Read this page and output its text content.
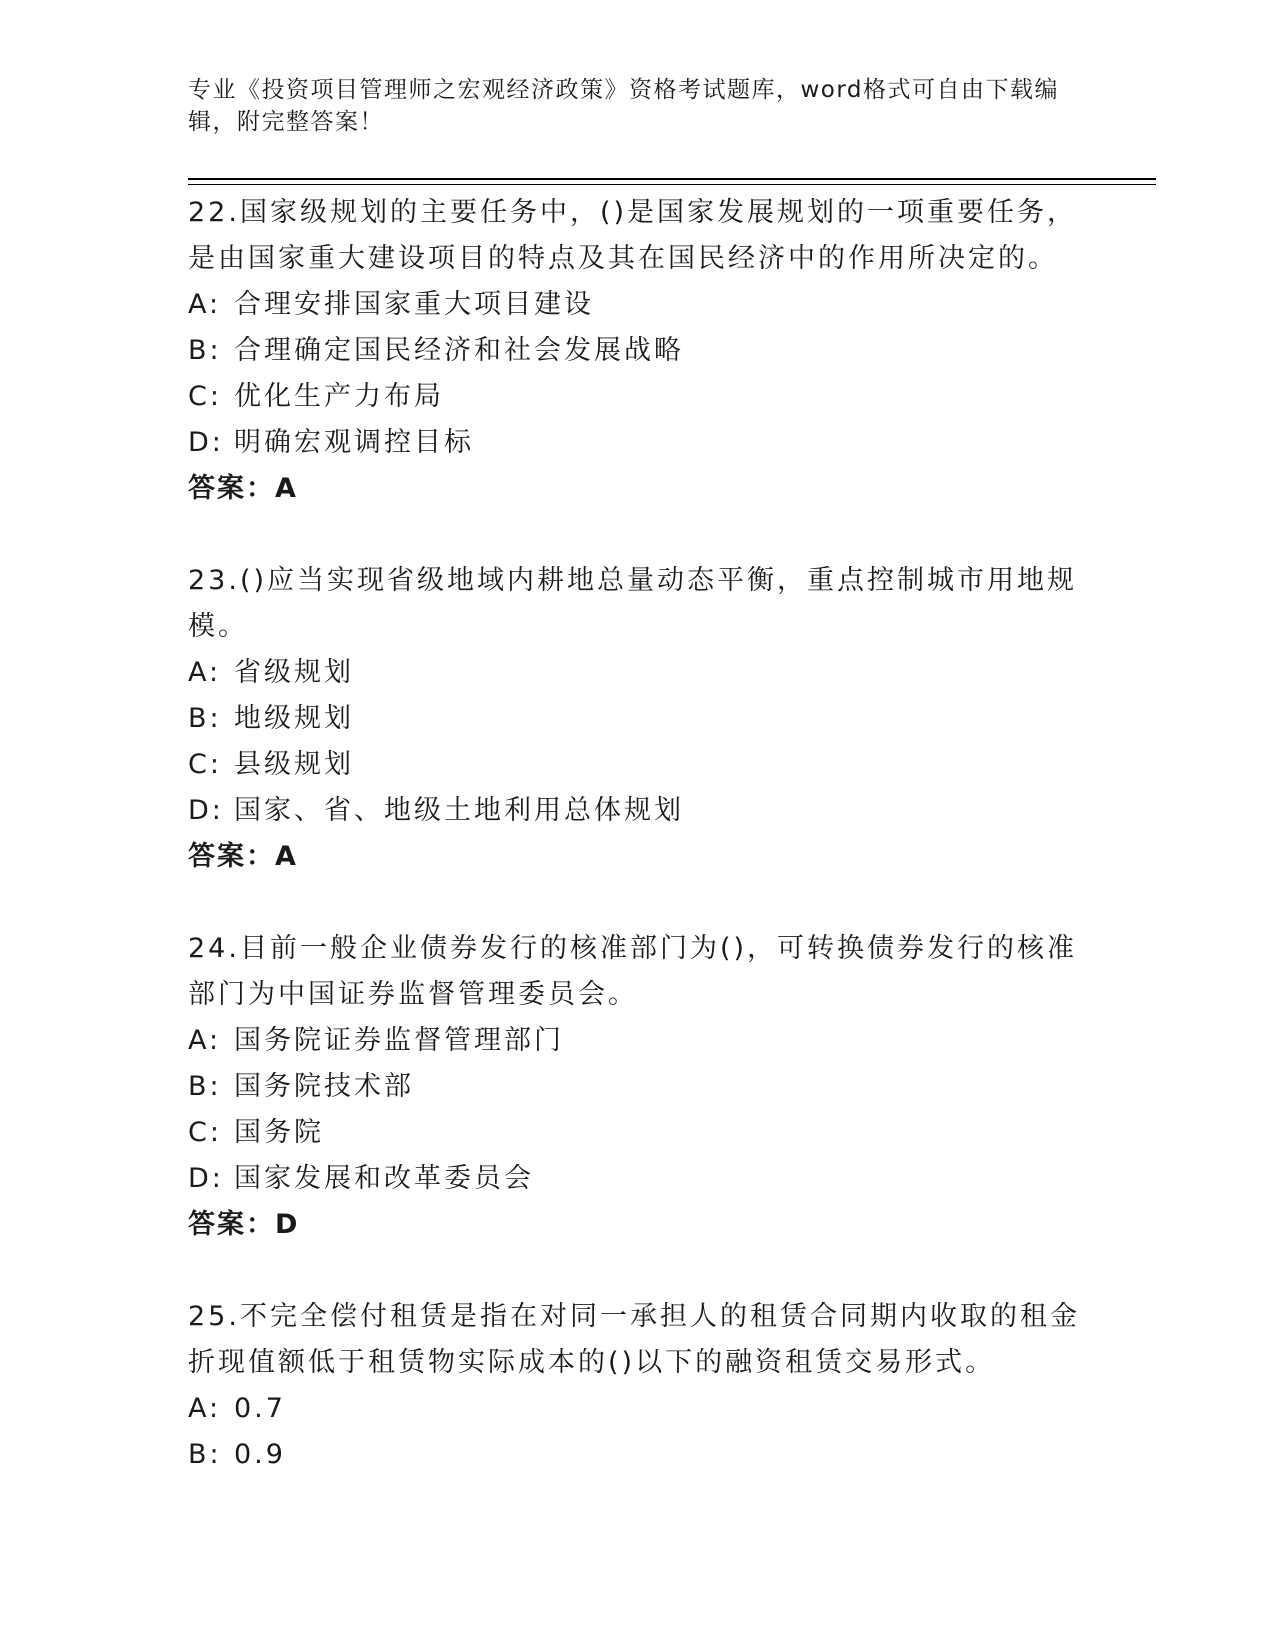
专业《投资项目管理师之宏观经济政策》资格考试题库，word格式可自由下载编辑，附完整答案！

22.国家级规划的主要任务中，()是国家发展规划的一项重要任务，是由国家重大建设项目的特点及其在国民经济中的作用所决定的。

A: 合理安排国家重大项目建设

B: 合理确定国民经济和社会发展战略

C: 优化生产力布局

D: 明确宏观调控目标

答案：A

23.()应当实现省级地域内耕地总量动态平衡，重点控制城市用地规模。

A: 省级规划

B: 地级规划

C: 县级规划

D: 国家、省、地级土地利用总体规划

答案：A

24.目前一般企业债券发行的核准部门为()，可转换债券发行的核准部门为中国证券监督管理委员会。

A: 国务院证券监督管理部门

B: 国务院技术部

C: 国务院

D: 国家发展和改革委员会

答案：D

25.不完全偿付租赁是指在对同一承担人的租赁合同期内收取的租金折现值额低于租赁物实际成本的()以下的融资租赁交易形式。

A: 0.7

B: 0.9
